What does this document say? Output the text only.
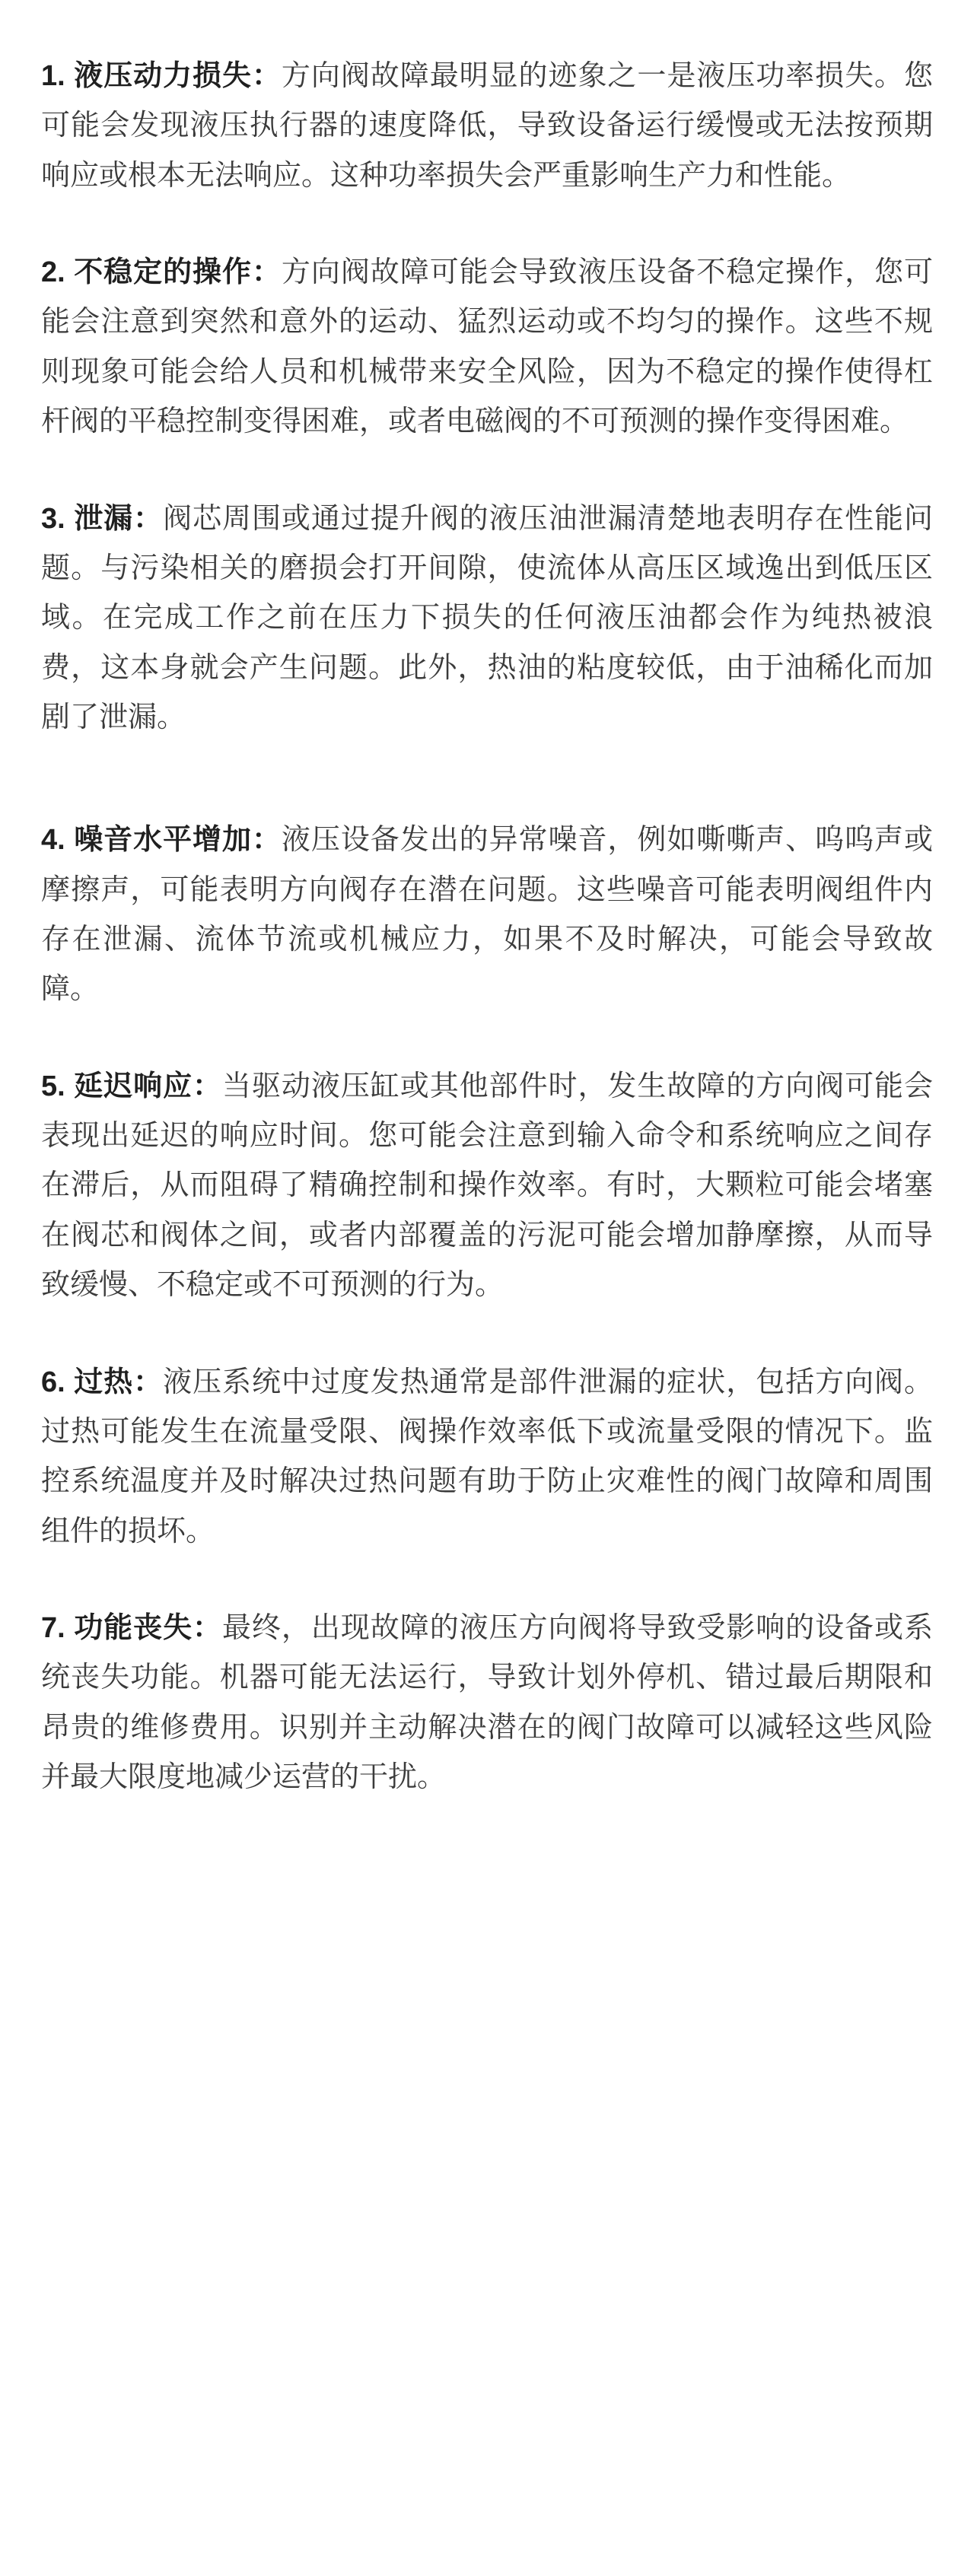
1. 液压动力损失：方向阀故障最明显的迹象之一是液压功率损失。您可能会发现液压执行器的速度降低，导致设备运行缓慢或无法按预期响应或根本无法响应。这种功率损失会严重影响生产力和性能。

2. 不稳定的操作：方向阀故障可能会导致液压设备不稳定操作，您可能会注意到突然和意外的运动、猛烈运动或不均匀的操作。这些不规则现象可能会给人员和机械带来安全风险，因为不稳定的操作使得杠杆阀的平稳控制变得困难，或者电磁阀的不可预测的操作变得困难。

3. 泄漏：阀芯周围或通过提升阀的液压油泄漏清楚地表明存在性能问题。与污染相关的磨损会打开间隙，使流体从高压区域逸出到低压区域。在完成工作之前在压力下损失的任何液压油都会作为纯热被浪费，这本身就会产生问题。此外，热油的粘度较低，由于油稀化而加剧了泄漏。

4. 噪音水平增加：液压设备发出的异常噪音，例如嘶嘶声、呜呜声或摩擦声，可能表明方向阀存在潜在问题。这些噪音可能表明阀组件内存在泄漏、流体节流或机械应力，如果不及时解决，可能会导致故障。

5. 延迟响应：当驱动液压缸或其他部件时，发生故障的方向阀可能会表现出延迟的响应时间。您可能会注意到输入命令和系统响应之间存在滞后，从而阻碍了精确控制和操作效率。有时，大颗粒可能会堵塞在阀芯和阀体之间，或者内部覆盖的污泥可能会增加静摩擦，从而导致缓慢、不稳定或不可预测的行为。

6. 过热：液压系统中过度发热通常是部件泄漏的症状，包括方向阀。过热可能发生在流量受限、阀操作效率低下或流量受限的情况下。监控系统温度并及时解决过热问题有助于防止灾难性的阀门故障和周围组件的损坏。

7. 功能丧失：最终，出现故障的液压方向阀将导致受影响的设备或系统丧失功能。机器可能无法运行，导致计划外停机、错过最后期限和昂贵的维修费用。识别并主动解决潜在的阀门故障可以减轻这些风险并最大限度地减少运营的干扰。
